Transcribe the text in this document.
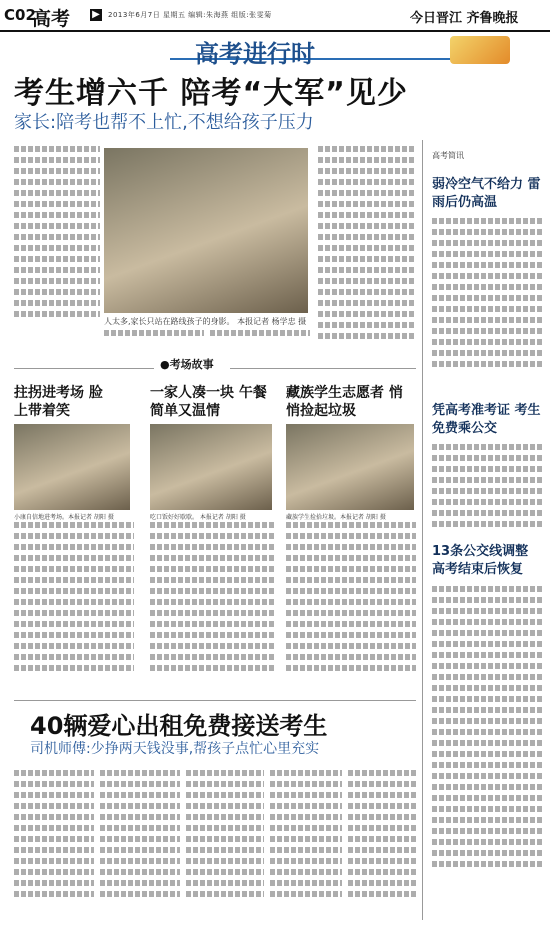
C02
高考 ▶	2013年6月7日 星期五 编辑:朱海燕 组版:张雯菊	今日晋江 齐鲁晚报
高考进行时
考生增六千 陪考“大军”见少
家长:陪考也帮不上忙,不想给孩子压力
人太多,家长只站在路线孩子的身影。 本报记者 杨学忠 摄
高考简讯
弱冷空气不给力 雷雨后仍高温
凭高考准考证 考生免费乘公交
13条公交线调整 高考结束后恢复
●考场故事
拄拐进考场 脸上带着笑
小康自信地进考场。本报记者 胡阳 摄
一家人凑一块 午餐简单又温情
吃口饭好好歇歇。 本报记者 胡阳 摄
藏族学生志愿者 悄悄捡起垃圾
藏族学生捡拾垃圾。本报记者 胡阳 摄
40辆爱心出租免费接送考生
司机师傅:少挣两天钱没事,帮孩子点忙心里充实
